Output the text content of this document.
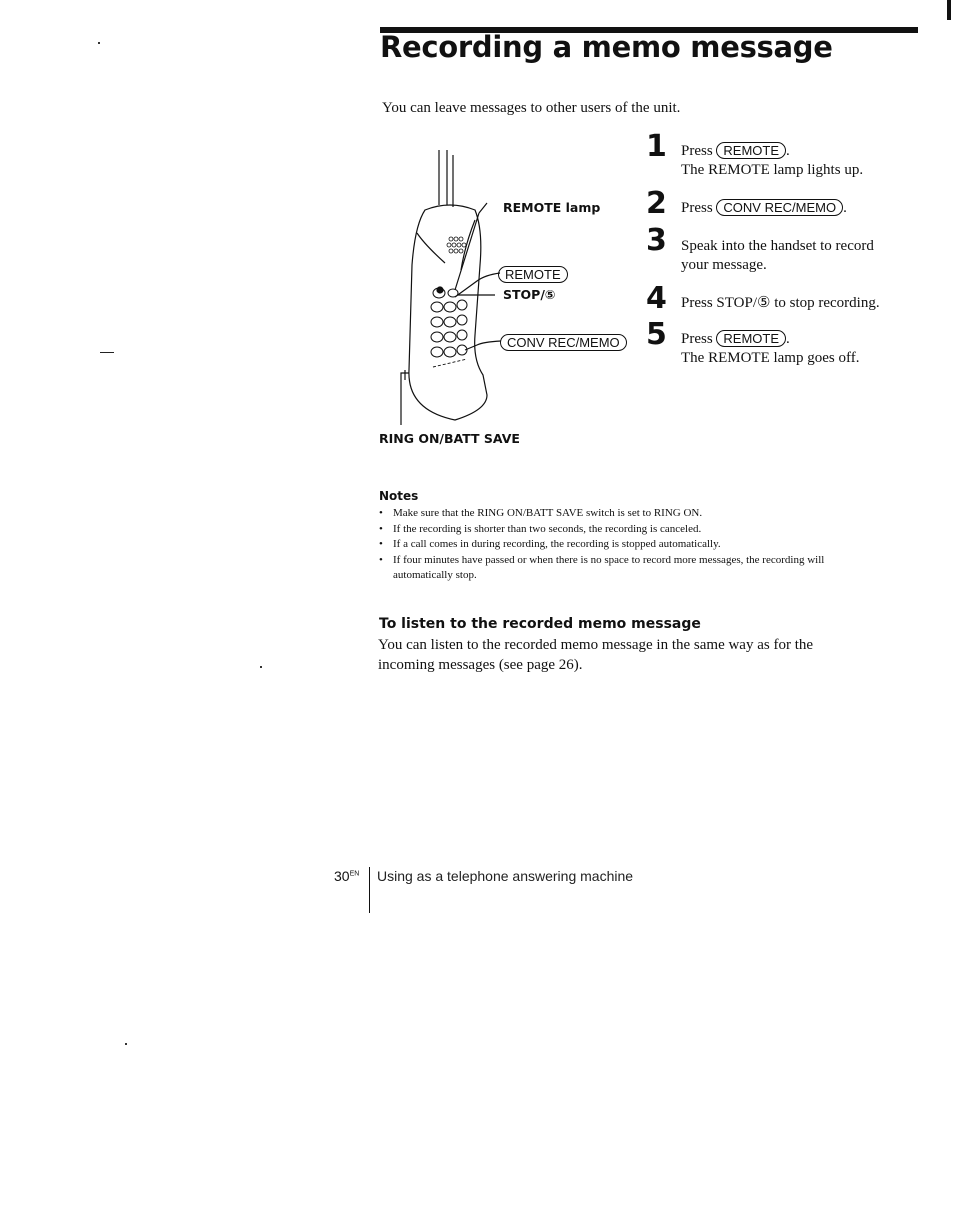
Recording a memo message
You can leave messages to other users of the unit.
REMOTE lamp
REMOTE
STOP/⑤
CONV REC/MEMO
RING ON/BATT SAVE
1 Press REMOTE .
The REMOTE lamp lights up.
2 Press CONV REC/MEMO .
3 Speak into the handset to record
your message.
4 Press STOP/⑤ to stop recording.
5 Press REMOTE .
The REMOTE lamp goes off.
Notes
• Make sure that the RING ON/BATT SAVE switch is set to RING ON.
• If the recording is shorter than two seconds, the recording is canceled.
• If a call comes in during recording, the recording is stopped automatically.
• If four minutes have passed or when there is no space to record more messages, the recording will automatically stop.
To listen to the recorded memo message
You can listen to the recorded memo message in the same way as for the incoming messages (see page 26).
$30^{EN}$ Using as a telephone answering machine
